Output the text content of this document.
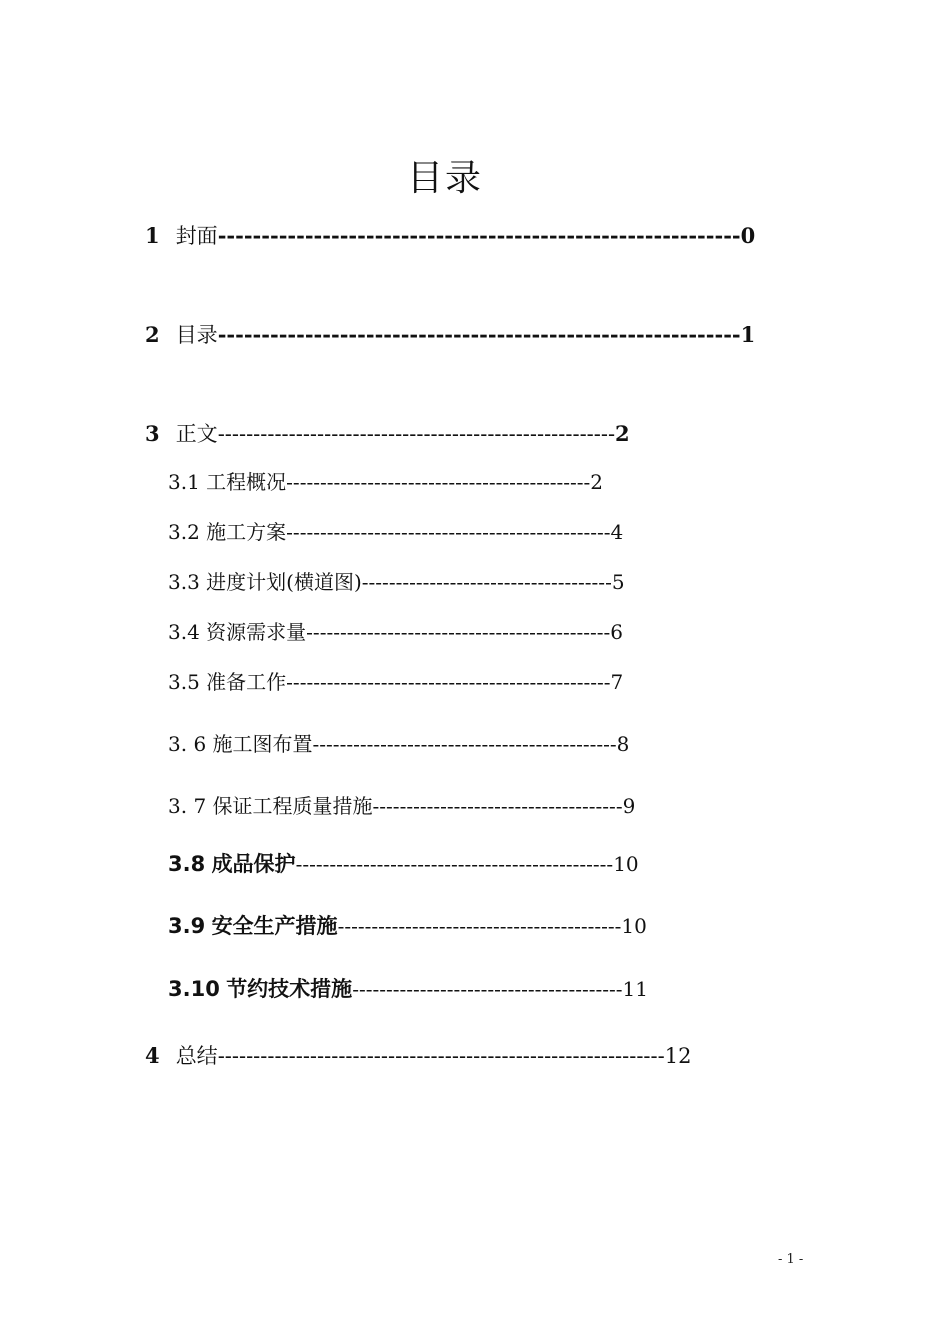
目录
1 封面------------------------------------------------------------0
2 目录------------------------------------------------------------1
3 正文--------------------------------------------------------2
3.1 工程概况---------------------------------------------2
3.2 施工方案------------------------------------------------4
3.3 进度计划(横道图)-------------------------------------5
3.4 资源需求量---------------------------------------------6
3.5 准备工作------------------------------------------------7
3. 6 施工图布置---------------------------------------------8
3. 7 保证工程质量措施-------------------------------------9
3.8 成品保护-----------------------------------------------10
3.9 安全生产措施------------------------------------------10
3.10 节约技术措施----------------------------------------11
4 总结---------------------------------------------------------------12
- 1 -
